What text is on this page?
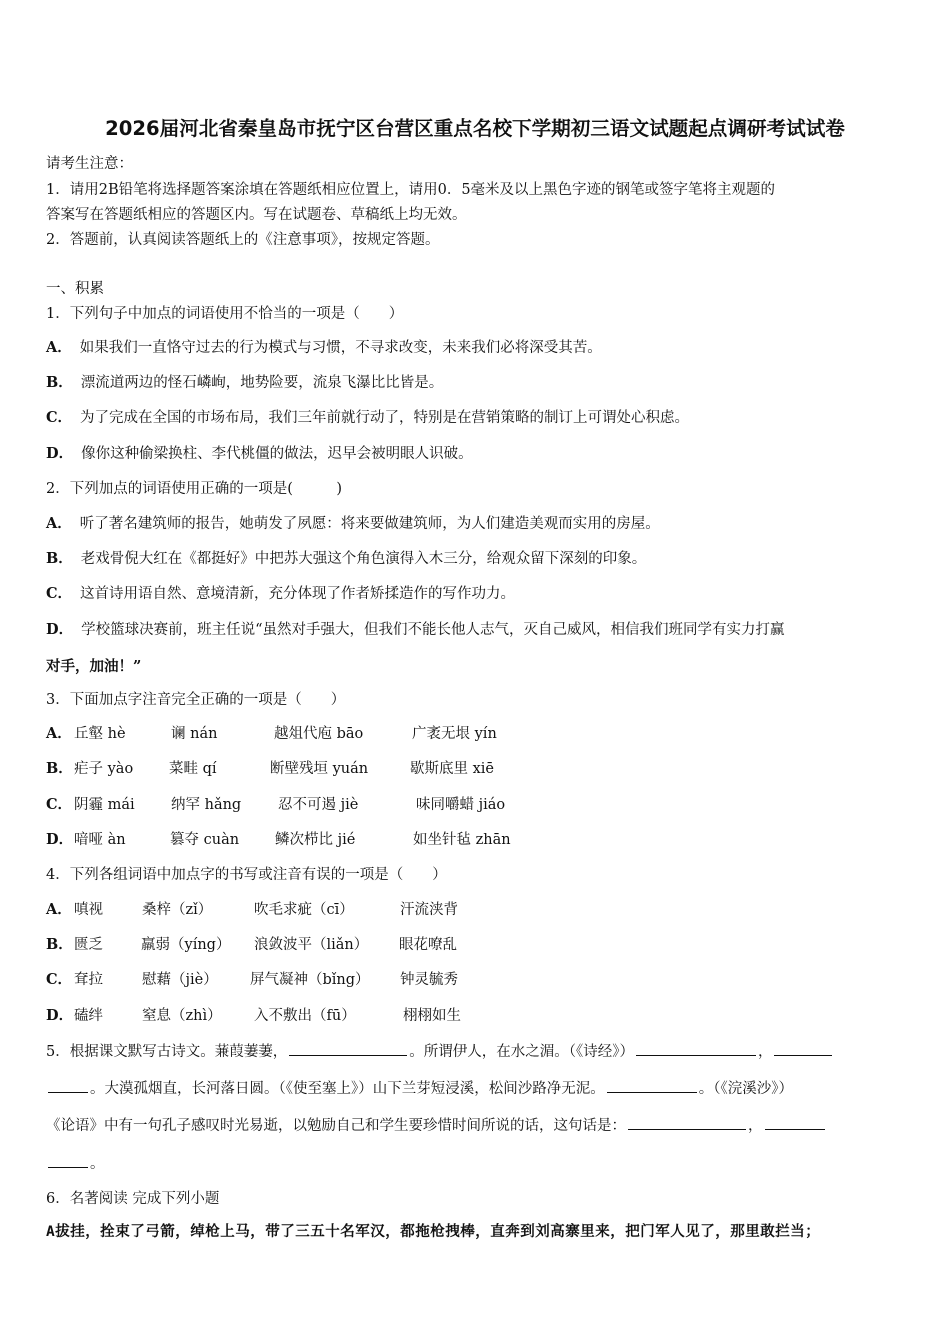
2026届河北省秦皇岛市抚宁区台营区重点名校下学期初三语文试题起点调研考试试卷
请考生注意：
1．请用2B铅笔将选择题答案涂填在答题纸相应位置上，请用0．5毫米及以上黑色字迹的钢笔或签字笔将主观题的
答案写在答题纸相应的答题区内。写在试题卷、草稿纸上均无效。
2．答题前，认真阅读答题纸上的《注意事项》，按规定答题。
一、积累
1．下列句子中加点的词语使用不恰当的一项是（　　）
A． 如果我们一直恪守过去的行为模式与习惯，不寻求改变，未来我们必将深受其苦。
B． 漂流道两边的怪石嶙峋，地势险要，流泉飞瀑比比皆是。
C． 为了完成在全国的市场布局，我们三年前就行动了，特别是在营销策略的制订上可谓处心积虑。
D． 像你这种偷梁换柱、李代桃僵的做法，迟早会被明眼人识破。
2．下列加点的词语使用正确的一项是(　　　)
A． 听了著名建筑师的报告，她萌发了夙愿：将来要做建筑师，为人们建造美观而实用的房屋。
B． 老戏骨倪大红在《都挺好》中把苏大强这个角色演得入木三分，给观众留下深刻的印象。
C． 这首诗用语自然、意境清新，充分体现了作者矫揉造作的写作功力。
D． 学校篮球决赛前，班主任说“虽然对手强大，但我们不能长他人志气，灭自己威风，相信我们班同学有实力打赢
对手，加油！”
3．下面加点字注音完全正确的一项是（　　）
A． 丘壑 hè	谰 nán	越俎代庖 bāo	广袤无垠 yín
B． 疟子 yào 菜畦 qí	断壁残垣 yuán	歇斯底里 xiē
C． 阴霾 mái	纳罕 hǎng	忍不可遏 jiè	味同嚼蜡 jiáo
D． 喑哑 àn	篡夺 cuàn 鳞次栉比 jié	如坐针毡 zhān
4．下列各组词语中加点字的书写或注音有误的一项是（　　）
A． 嗔视	桑梓（zǐ）	吹毛求疵（cī）	汗流浃背
B． 匮乏	羸弱（yíng） 浪敛波平（liǎn） 眼花嘹乱
C． 耷拉	慰藉（jiè） 屏气凝神（bǐng） 钟灵毓秀
D． 磕绊	窒息（zhì） 入不敷出（fū）	栩栩如生
5．根据课文默写古诗文。蒹葭萋萋，	。所谓伊人，在水之湄。（《诗经》）	，
。大漠孤烟直，长河落日圆。（《使至塞上》）山下兰芽短浸溪，松间沙路净无泥。	。（《浣溪沙》）
《论语》中有一句孔子感叹时光易逝，以勉励自己和学生要珍惜时间所说的话，这句话是：	，
。
6．名著阅读 完成下列小题
A拔挂，拴束了弓箭，绰枪上马，带了三五十名军汉，都拖枪拽棒，直奔到刘高寨里来，把门军人见了，那里敢拦当；
